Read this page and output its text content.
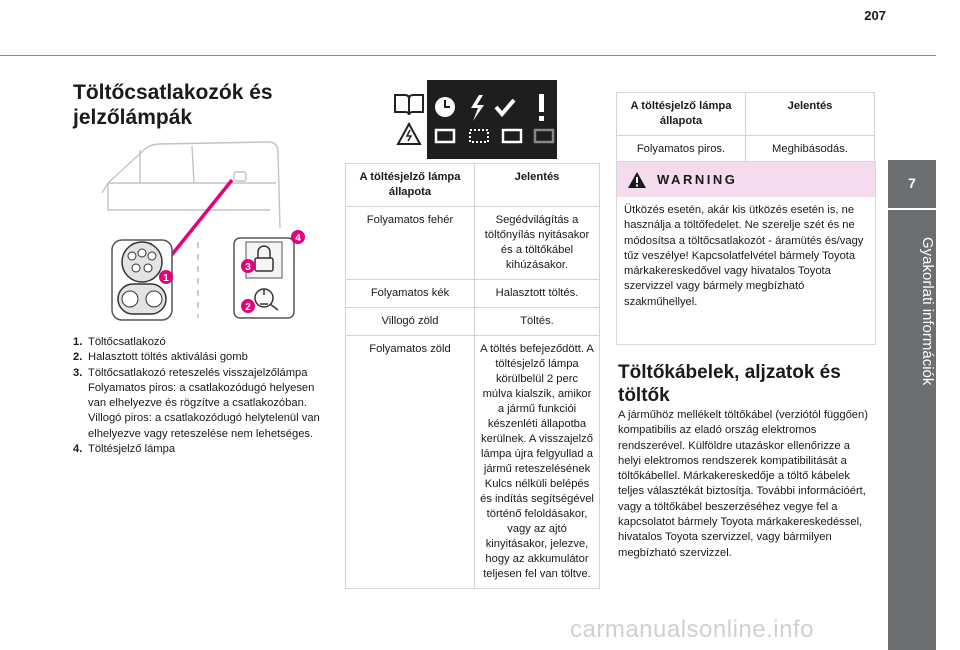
207
7
Gyakorlati információk
Töltőcsatlakozók és jelzőlámpák
1
2
3
4
1. Töltőcsatlakozó
2. Halasztott töltés aktiválási gomb
3. Töltőcsatlakozó reteszelés visszajelzőlámpa Folyamatos piros: a csatlakozódugó helyesen van elhelyezve és rögzítve a csatlakozóban. Villogó piros: a csatlakozódugó helytelenül van elhelyezve vagy reteszelése nem lehetséges.
4. Töltésjelző lámpa
A töltésjelző lámpa állapota	Jelentés
Folyamatos fehér	Segédvilágítás a töltőnyílás nyitásakor és a töltőkábel kihúzásakor.
Folyamatos kék	Halasztott töltés.
Villogó zöld	Töltés.
Folyamatos zöld	A töltés befejeződött. A töltésjelző lámpa körülbelül 2 perc múlva kialszik, amikor a jármű funkciói készenléti állapotba kerülnek. A visszajelző lámpa újra felgyullad a jármű reteszelésének Kulcs nélküli belépés és indítás segítségével történő feloldásakor, vagy az ajtó kinyitásakor, jelezve, hogy az akkumulátor teljesen fel van töltve.
A töltésjelző lámpa állapota	Jelentés
Folyamatos piros.	Meghibásodás.
WARNING
Ütközés esetén, akár kis ütközés esetén is, ne használja a töltőfedelet. Ne szerelje szét és ne módosítsa a töltőcsatlakozót - áramütés és/vagy tűz veszélye! Kapcsolatfelvétel bármely Toyota márkakereskedővel vagy hivatalos Toyota szervizzel vagy bármely megbízható szakműhellyel.
Töltőkábelek, aljzatok és töltők
A járműhöz mellékelt töltőkábel (verziótól függően) kompatibilis az eladó ország elektromos rendszerével. Külföldre utazáskor ellenőrizze a helyi elektromos rendszerek kompatibilitását a töltőkábellel. Márkakereskedője a töltő kábelek teljes választékát biztosítja. További információért, vagy a töltőkábel beszerzéséhez vegye fel a kapcsolatot bármely Toyota márkakereskedéssel, hivatalos Toyota szervizzel, vagy bármilyen megbízható szervizzel.
carmanualsonline.info
